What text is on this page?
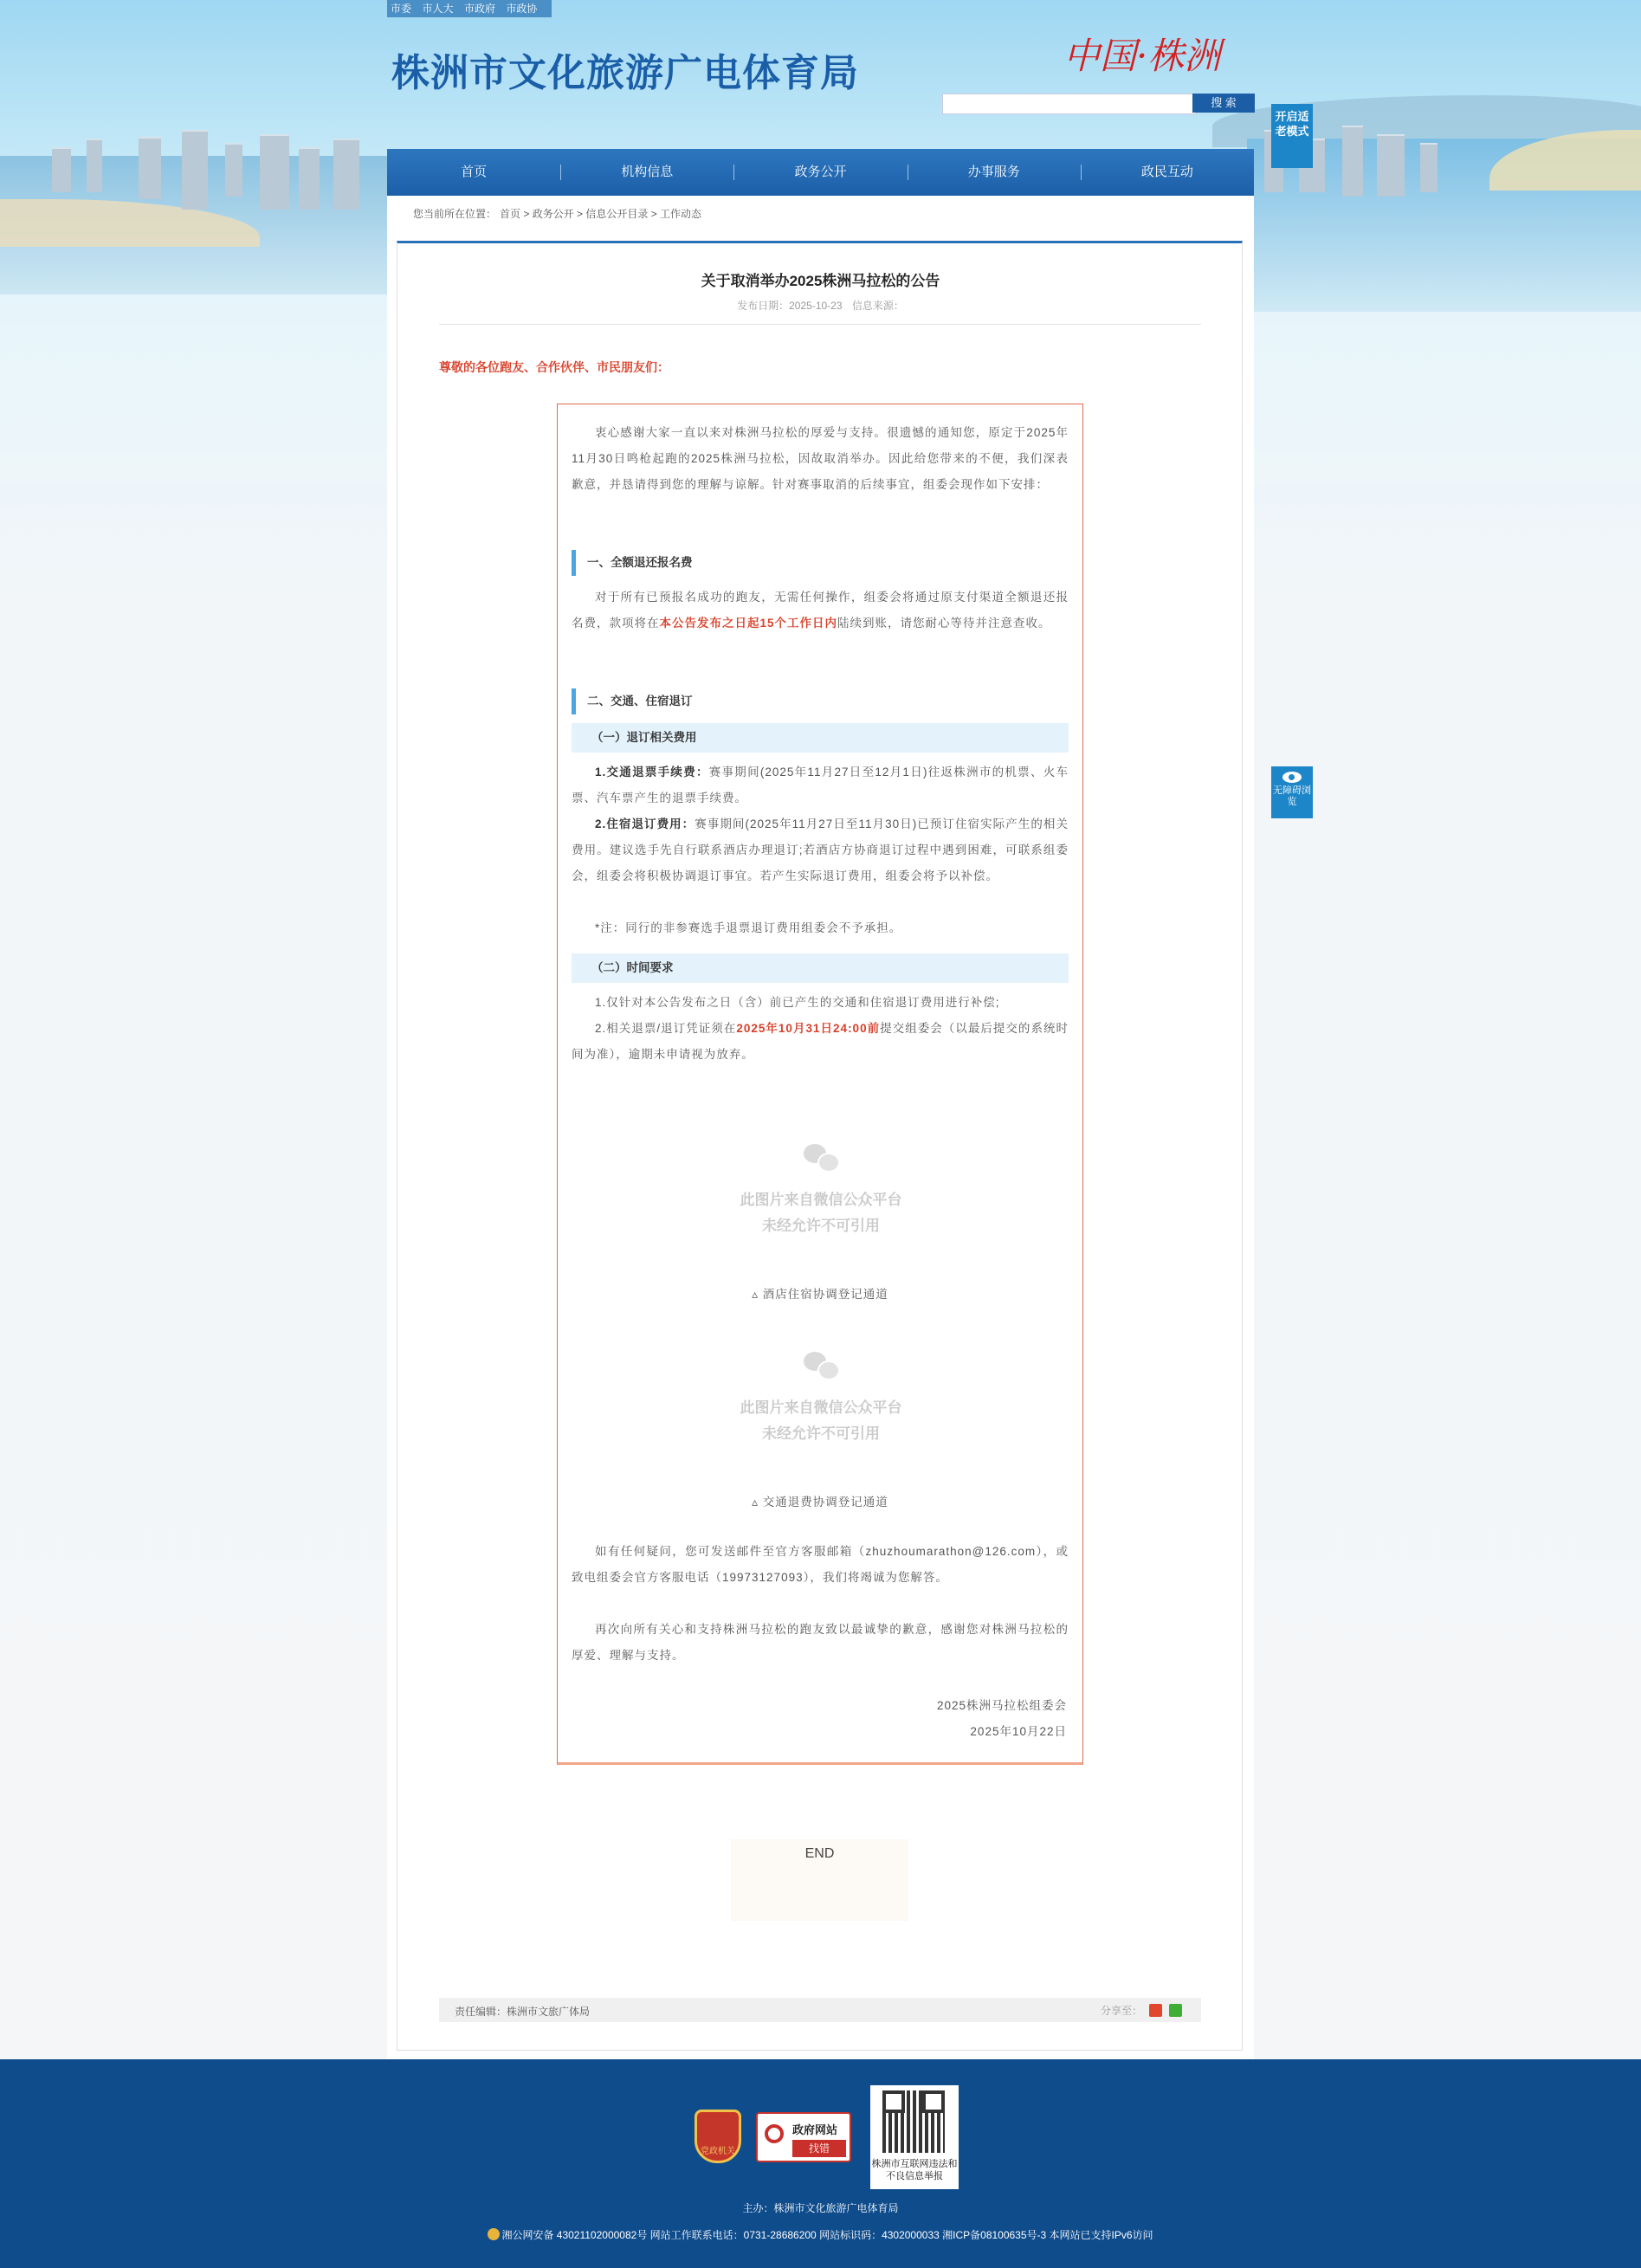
市委 市人大 市政府 市政协
株洲市文化旅游广电体育局	中国·株洲
搜 索
开启适老模式
无障碍浏览
首页	机构信息	政务公开	办事服务	政民互动
您当前所在位置： 首页 > 政务公开 > 信息公开目录 > 工作动态
关于取消举办2025株洲马拉松的公告
发布日期：2025-10-23 信息来源：
尊敬的各位跑友、合作伙伴、市民朋友们：

衷心感谢大家一直以来对株洲马拉松的厚爱与支持。很遗憾的通知您，原定于2025年11月30日鸣枪起跑的2025株洲马拉松，因故取消举办。因此给您带来的不便，我们深表歉意，并恳请得到您的理解与谅解。针对赛事取消的后续事宜，组委会现作如下安排：

一、全额退还报名费

对于所有已预报名成功的跑友，无需任何操作，组委会将通过原支付渠道全额退还报名费，款项将在本公告发布之日起15个工作日内陆续到账，请您耐心等待并注意查收。

二、交通、住宿退订
（一）退订相关费用

1.交通退票手续费：赛事期间(2025年11月27日至12月1日)往返株洲市的机票、火车票、汽车票产生的退票手续费。

2.住宿退订费用：赛事期间(2025年11月27日至11月30日)已预订住宿实际产生的相关费用。建议选手先自行联系酒店办理退订;若酒店方协商退订过程中遇到困难，可联系组委会，组委会将积极协调退订事宜。若产生实际退订费用，组委会将予以补偿。

*注：同行的非参赛选手退票退订费用组委会不予承担。

（二）时间要求

1.仅针对本公告发布之日（含）前已产生的交通和住宿退订费用进行补偿;

2.相关退票/退订凭证须在2025年10月31日24:00前提交组委会（以最后提交的系统时间为准），逾期未申请视为放弃。

此图片来自微信公众平台
未经允许不可引用
▵ 酒店住宿协调登记通道
此图片来自微信公众平台
未经允许不可引用
▵ 交通退费协调登记通道

如有任何疑问，您可发送邮件至官方客服邮箱（zhuzhoumarathon@126.com），或致电组委会官方客服电话（19973127093），我们将竭诚为您解答。

再次向所有关心和支持株洲马拉松的跑友致以最诚挚的歉意，感谢您对株洲马拉松的厚爱、理解与支持。

2025株洲马拉松组委会
2025年10月22日
END
责任编辑：株洲市文旅广体局	分享至：
党政机关
政府网站
找错
株洲市互联网违法和不良信息举报
主办：株洲市文化旅游广电体育局
湘公网安备 43021102000082号 网站工作联系电话：0731-28686200 网站标识码：4302000033 湘ICP备08100635号-3 本网站已支持IPv6访问
